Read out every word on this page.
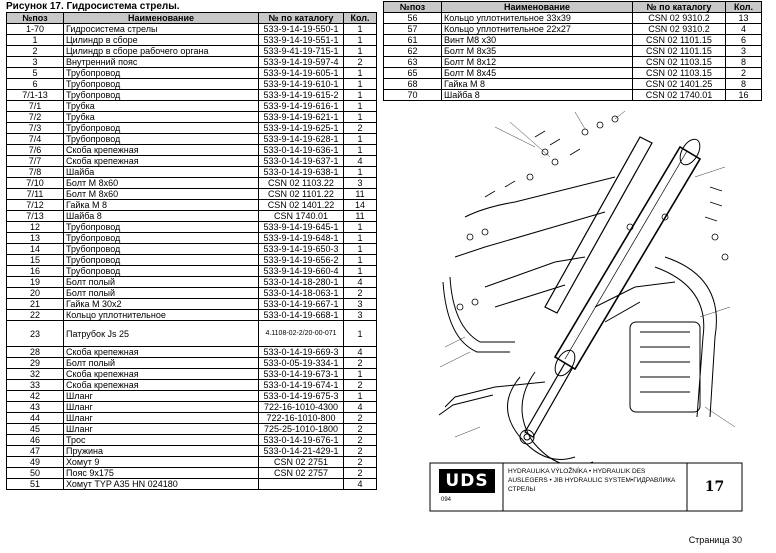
Рисунок 17. Гидросистема стрелы.
№поз	Наименование	№ по каталогу	Кол.
1-70	Гидросистема стрелы	533-9-14-19-550-1	1
1	Цилиндр в сборе	533-9-14-19-551-1	1
2	Цилиндр в сборе рабочего органа	533-9-41-19-715-1	1
3	Внутренний пояс	533-9-14-19-597-4	2
5	Трубопровод	533-9-14-19-605-1	1
6	Трубопровод	533-9-14-19-610-1	1
7/1-13	Трубопровод	533-9-14-19-615-2	1
7/1	Трубка	533-9-14-19-616-1	1
7/2	Трубка	533-9-14-19-621-1	1
7/3	Трубопровод	533-9-14-19-625-1	2
7/4	Трубопровод	533-9-14-19-628-1	1
7/6	Скоба крепежная	533-0-14-19-636-1	1
7/7	Скоба крепежная	533-0-14-19-637-1	4
7/8	Шайба	533-0-14-19-638-1	1
7/10	Болт М 8x60	CSN 02 1103.22	3
7/11	Болт М 8x60	CSN 02 1101.22	11
7/12	Гайка М 8	CSN 02 1401.22	14
7/13	Шайба 8	CSN 1740.01	11
12	Трубопровод	533-9-14-19-645-1	1
13	Трубопровод	533-9-14-19-648-1	1
14	Трубопровод	533-9-14-19-650-3	1
15	Трубопровод	533-9-14-19-656-2	1
16	Трубопровод	533-9-14-19-660-4	1
19	Болт полый	533-0-14-18-280-1	4
20	Болт полый	533-0-14-18-063-1	2
21	Гайка М 30x2	533-0-14-19-667-1	3
22	Кольцо уплотнительное	533-0-14-19-668-1	3
23	Патрубок Js 25	4.1108-02-2/20-00-071	1
28	Скоба крепежная	533-0-14-19-669-3	4
29	Болт полый	533-0-05-19-334-1	2
32	Скоба крепежная	533-0-14-19-673-1	1
33	Скоба крепежная	533-0-14-19-674-1	2
42	Шланг	533-0-14-19-675-3	1
43	Шланг	722-16-1010-4300	4
44	Шланг	722-16-1010-800	2
45	Шланг	725-25-1010-1800	2
46	Трос	533-0-14-19-676-1	2
47	Пружина	533-0-14-21-429-1	2
49	Хомут 9	CSN 02 2751	2
50	Пояс 9x175	CSN 02 2757	2
51	Хомут TYP A35 HN 024180		4
№поз	Наименование	№ по каталогу	Кол.
56	Кольцо уплотнительное 33x39	CSN 02 9310.2	13
57	Кольцо уплотнительное 22x27	CSN 02 9310.2	4
61	Винт M8 x30	CSN 02 1101.15	6
62	Болт M 8x35	CSN 02 1101.15	3
63	Болт M 8x12	CSN 02 1103.15	8
65	Болт M 8x45	CSN 02 1103.15	2
68	Гайка M 8	CSN 02 1401.25	8
70	Шайба 8	CSN 02 1740.01	16
UDS
094
HYDRAULIKA VÝLOŽNÍKA • HYDRAULIK DES
AUSLEGERS • JIB HYDRAULIC SYSTEM•ГИДРАВЛИКА
СТРЕЛЫ	17
Страница 30
